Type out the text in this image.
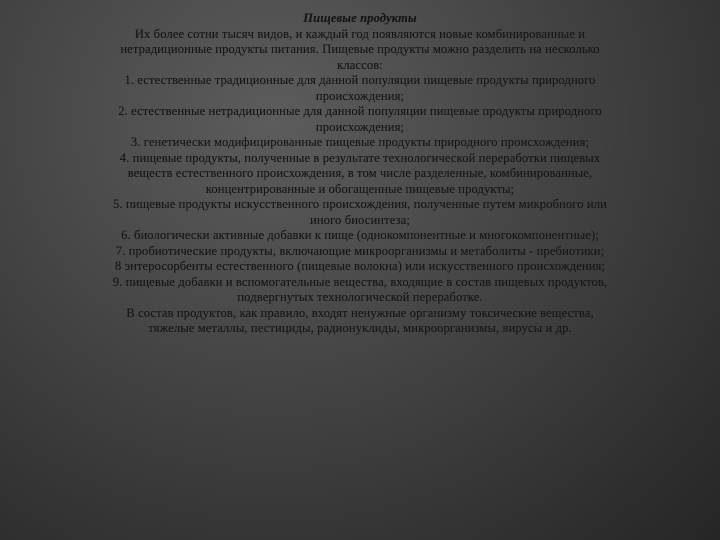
Пищевые продукты

Их более сотни тысяч видов, и каждый год появляются новые комбинированные и нетрадиционные продукты питания. Пищевые продукты можно разделить на несколько классов:

1. естественные традиционные для данной популяции пищевые продукты природного происхождения;
2. естественные нетрадиционные для данной популяции пищевые продукты природного происхождения;
3. генетически модифицированные пищевые продукты природного происхождения;
4. пищевые продукты, полученные в результате технологической переработки пищевых веществ естественного происхождения, в том числе разделенные, комбинированные, концентрированные и обогащенные пищевые продукты;
5. пищевые продукты искусственного происхождения, полученные путем микробного или иного биосинтеза;
6. биологически активные добавки к пище (однокомпонентные и многокомпонентные);
7. пробиотические продукты, включающие микроорганизмы и метаболиты - пребиотики;
8 энтеросорбенты естественного (пищевые волокна) или искусственного происхождения;
9. пищевые добавки и вспомогательные вещества, входящие в состав пищевых продуктов, подвергнутых технологической переработке.

В состав продуктов, как правило, входят ненужные организму токсические вещества, тяжелые металлы, пестициды, радионуклиды, микроорганизмы, вирусы и др.
